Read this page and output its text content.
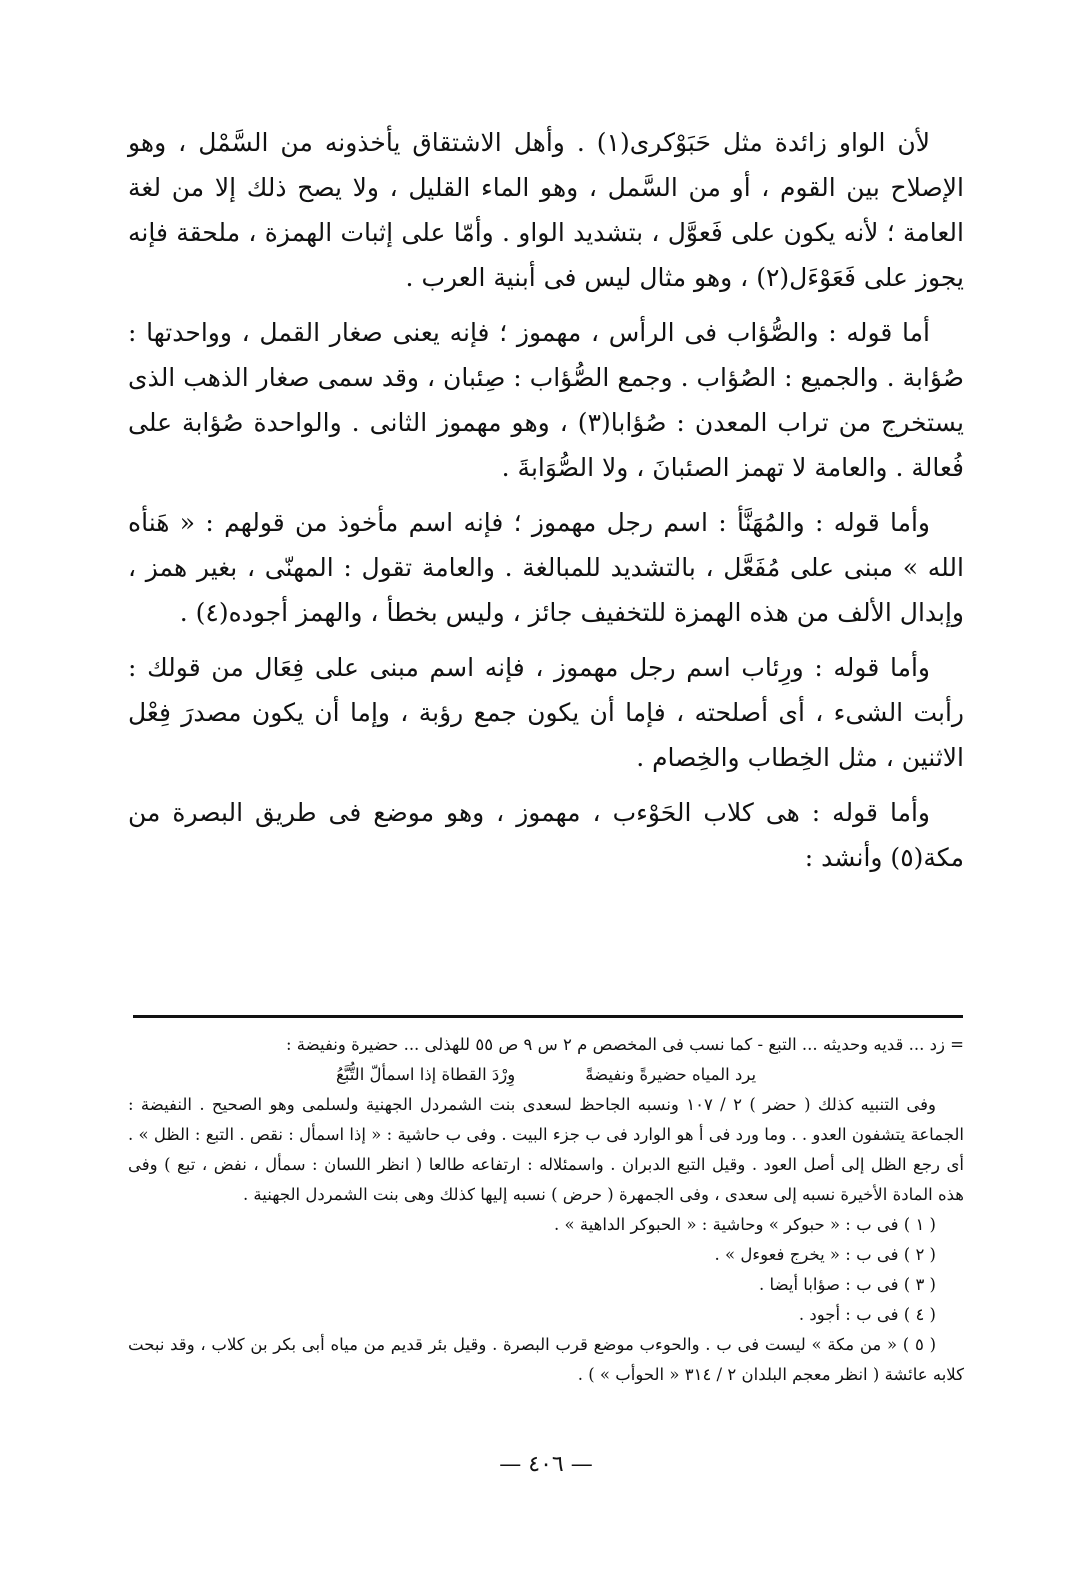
لأن الواو زائدة مثل حَبَوْكرى(١) . وأهل الاشتقاق يأخذونه من السَّمْل ، وهو الإصلاح بين القوم ، أو من السَّمل ، وهو الماء القليل ، ولا يصح ذلك إلا من لغة العامة ؛ لأنه يكون على فَعوَّل ، بتشديد الواو . وأمّا على إثبات الهمزة ، ملحقة فإنه يجوز على فَعَوْءَل(٢) ، وهو مثال ليس فى أبنية العرب .

أما قوله : والصُّؤاب فى الرأس ، مهموز ؛ فإنه يعنى صغار القمل ، وواحدتها : صُؤابة . والجميع : الصُؤاب . وجمع الصُّؤاب : صِئبان ، وقد سمى صغار الذهب الذى يستخرج من تراب المعدن : صُؤابا(٣) ، وهو مهموز الثانى . والواحدة صُؤابة على فُعالة . والعامة لا تهمز الصئبانَ ، ولا الصُّوَابةَ .

وأما قوله : والمُهَنَّأ : اسم رجل مهموز ؛ فإنه اسم مأخوذ من قولهم : « هَنأه الله » مبنى على مُفَعَّل ، بالتشديد للمبالغة . والعامة تقول : المهنّى ، بغير همز ، وإبدال الألف من هذه الهمزة للتخفيف جائز ، وليس بخطأ ، والهمز أجوده(٤) .

وأما قوله : ورِئاب اسم رجل مهموز ، فإنه اسم مبنى على فِعَال من قولك : رأبت الشىء ، أى أصلحته ، فإما أن يكون جمع رؤبة ، وإما أن يكون مصدرَ فِعْل الاثنين ، مثل الخِطاب والخِصام .

وأما قوله : هى كلاب الحَوْءب ، مهموز ، وهو موضع فى طريق البصرة من مكة(٥) وأنشد :

= زد ... قديه وحديثه ... التبع - كما نسب فى المخصص م ٢ س ٩ ص ٥٥ للهذلى ... حضيرة ونفيضة :

يرد المياه حضيرةً ونفيضةً
وِرْدَ القطاة إذا اسمألّ التُّبَّعُ

وفى التنبيه كذلك ( حضر ) ٢ / ١٠٧ ونسبه الجاحظ لسعدى بنت الشمردل الجهنية ولسلمى وهو الصحيح . النفيضة : الجماعة يتشفون العدو . . وما ورد فى أ هو الوارد فى ب جزء البيت . وفى ب حاشية : « إذا اسمأل : نقص . التبع : الظل » . أى رجع الظل إلى أصل العود . وقيل التبع الدبران . واسمئلاله : ارتفاعه طالعا ( انظر اللسان : سمأل ، نفض ، تبع ) وفى هذه المادة الأخيرة نسبه إلى سعدى ، وفى الجمهرة ( حرض ) نسبه إليها كذلك وهى بنت الشمردل الجهنية .

( ١ ) فى ب : « حبوكر » وحاشية : « الحبوكر الداهية » .

( ٢ ) فى ب : « يخرج فعوءل » .

( ٣ ) فى ب : صؤابا أيضا .

( ٤ ) فى ب : أجود .

( ٥ ) « من مكة » ليست فى ب . والحوءب موضع قرب البصرة . وقيل بئر قديم من مياه أبى بكر بن كلاب ، وقد نبحت كلابه عائشة ( انظر معجم البلدان ٢ / ٣١٤ « الحوأب » ) .

— ٤٠٦ —
